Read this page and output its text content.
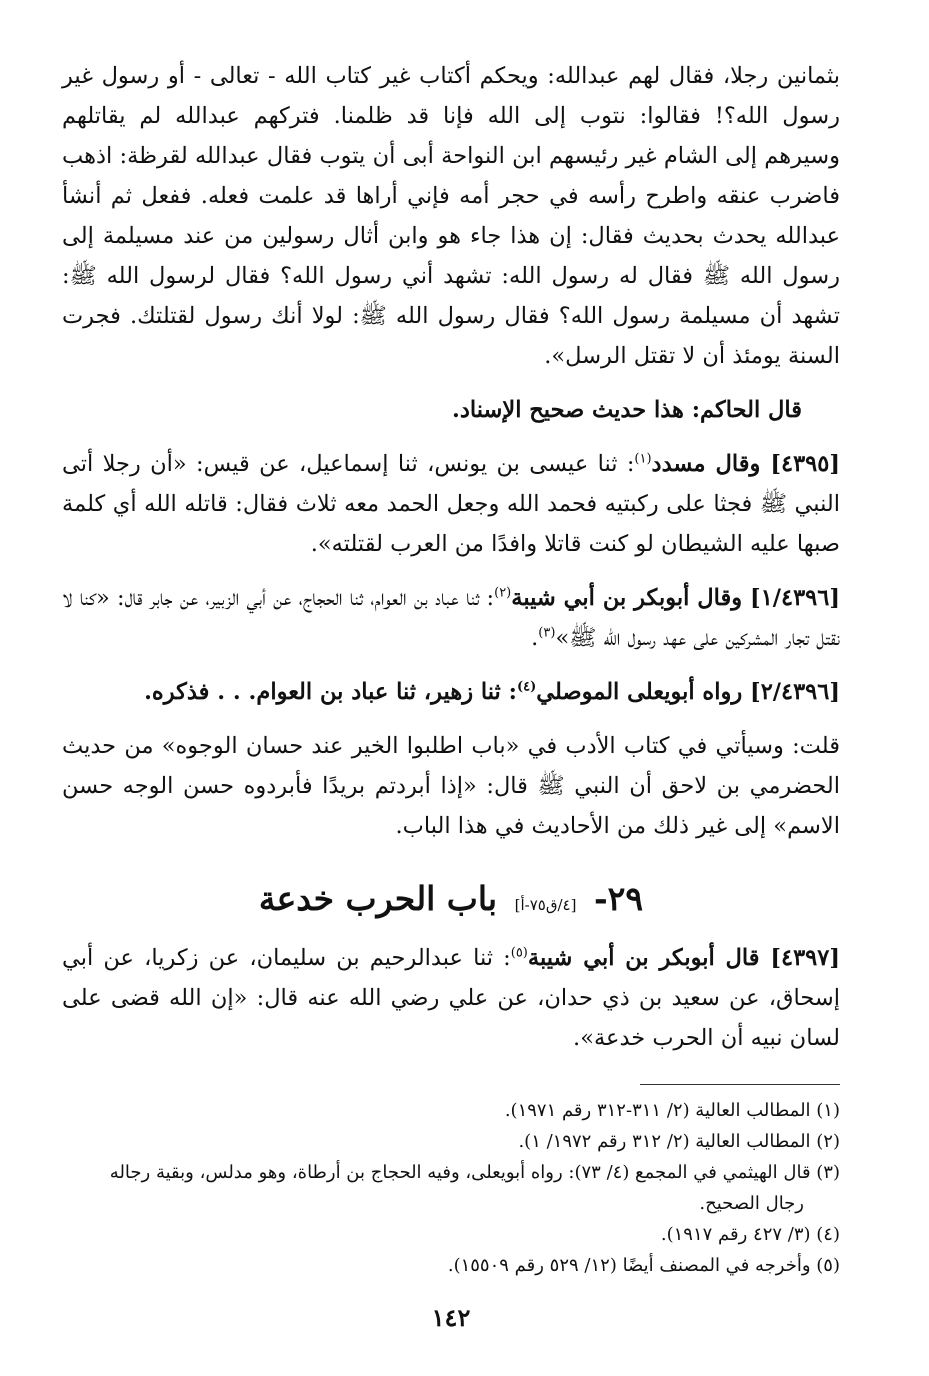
بثمانين رجلا، فقال لهم عبدالله: ويحكم أكتاب غير كتاب الله - تعالى - أو رسول غير رسول الله؟! فقالوا: نتوب إلى الله فإنا قد ظلمنا. فتركهم عبدالله لم يقاتلهم وسيرهم إلى الشام غير رئيسهم ابن النواحة أبى أن يتوب فقال عبدالله لقرظة: اذهب فاضرب عنقه واطرح رأسه في حجر أمه فإني أراها قد علمت فعله. ففعل ثم أنشأ عبدالله يحدث بحديث فقال: إن هذا جاء هو وابن أثال رسولين من عند مسيلمة إلى رسول الله ﷺ فقال له رسول الله: تشهد أني رسول الله؟ فقال لرسول الله ﷺ: تشهد أن مسيلمة رسول الله؟ فقال رسول الله ﷺ: لولا أنك رسول لقتلتك. فجرت السنة يومئذ أن لا تقتل الرسل».

قال الحاكم: هذا حديث صحيح الإسناد.

[٤٣٩٥] وقال مسدد$^{(١)}$: ثنا عيسى بن يونس، ثنا إسماعيل، عن قيس: «أن رجلا أتى النبي ﷺ فجثا على ركبتيه فحمد الله وجعل الحمد معه ثلاث فقال: قاتله الله أي كلمة صبها عليه الشيطان لو كنت قاتلا وافدًا من العرب لقتلته».

[١/٤٣٩٦] وقال أبوبكر بن أبي شيبة$^{(٢)}$: ثنا عباد بن العوام، ثنا الحجاج، عن أبي الزبير، عن جابر قال: «كنا لا نقتل تجار المشركين على عهد رسول الله ﷺ»$^{(٣)}$.

[٢/٤٣٩٦] رواه أبويعلى الموصلي$^{(٤)}$: ثنا زهير، ثنا عباد بن العوام. . . فذكره.

قلت: وسيأتي في كتاب الأدب في «باب اطلبوا الخير عند حسان الوجوه» من حديث الحضرمي بن لاحق أن النبي ﷺ قال: «إذا أبردتم بريدًا فأبردوه حسن الوجه حسن الاسم» إلى غير ذلك من الأحاديث في هذا الباب.

٢٩- [٤/ق٧٥-أ] باب الحرب خدعة

[٤٣٩٧] قال أبوبكر بن أبي شيبة$^{(٥)}$: ثنا عبدالرحيم بن سليمان، عن زكريا، عن أبي إسحاق، عن سعيد بن ذي حدان، عن علي رضي الله عنه قال: «إن الله قضى على لسان نبيه أن الحرب خدعة».

(١) المطالب العالية (٢/ ٣١١-٣١٢ رقم ١٩٧١).

(٢) المطالب العالية (٢/ ٣١٢ رقم ١٩٧٢/ ١).

(٣) قال الهيثمي في المجمع (٤/ ٧٣): رواه أبويعلى، وفيه الحجاج بن أرطاة، وهو مدلس، وبقية رجاله

رجال الصحيح.

(٤) (٣/ ٤٢٧ رقم ١٩١٧).

(٥) وأخرجه في المصنف أيضًا (١٢/ ٥٢٩ رقم ١٥٥٠٩).

١٤٢
